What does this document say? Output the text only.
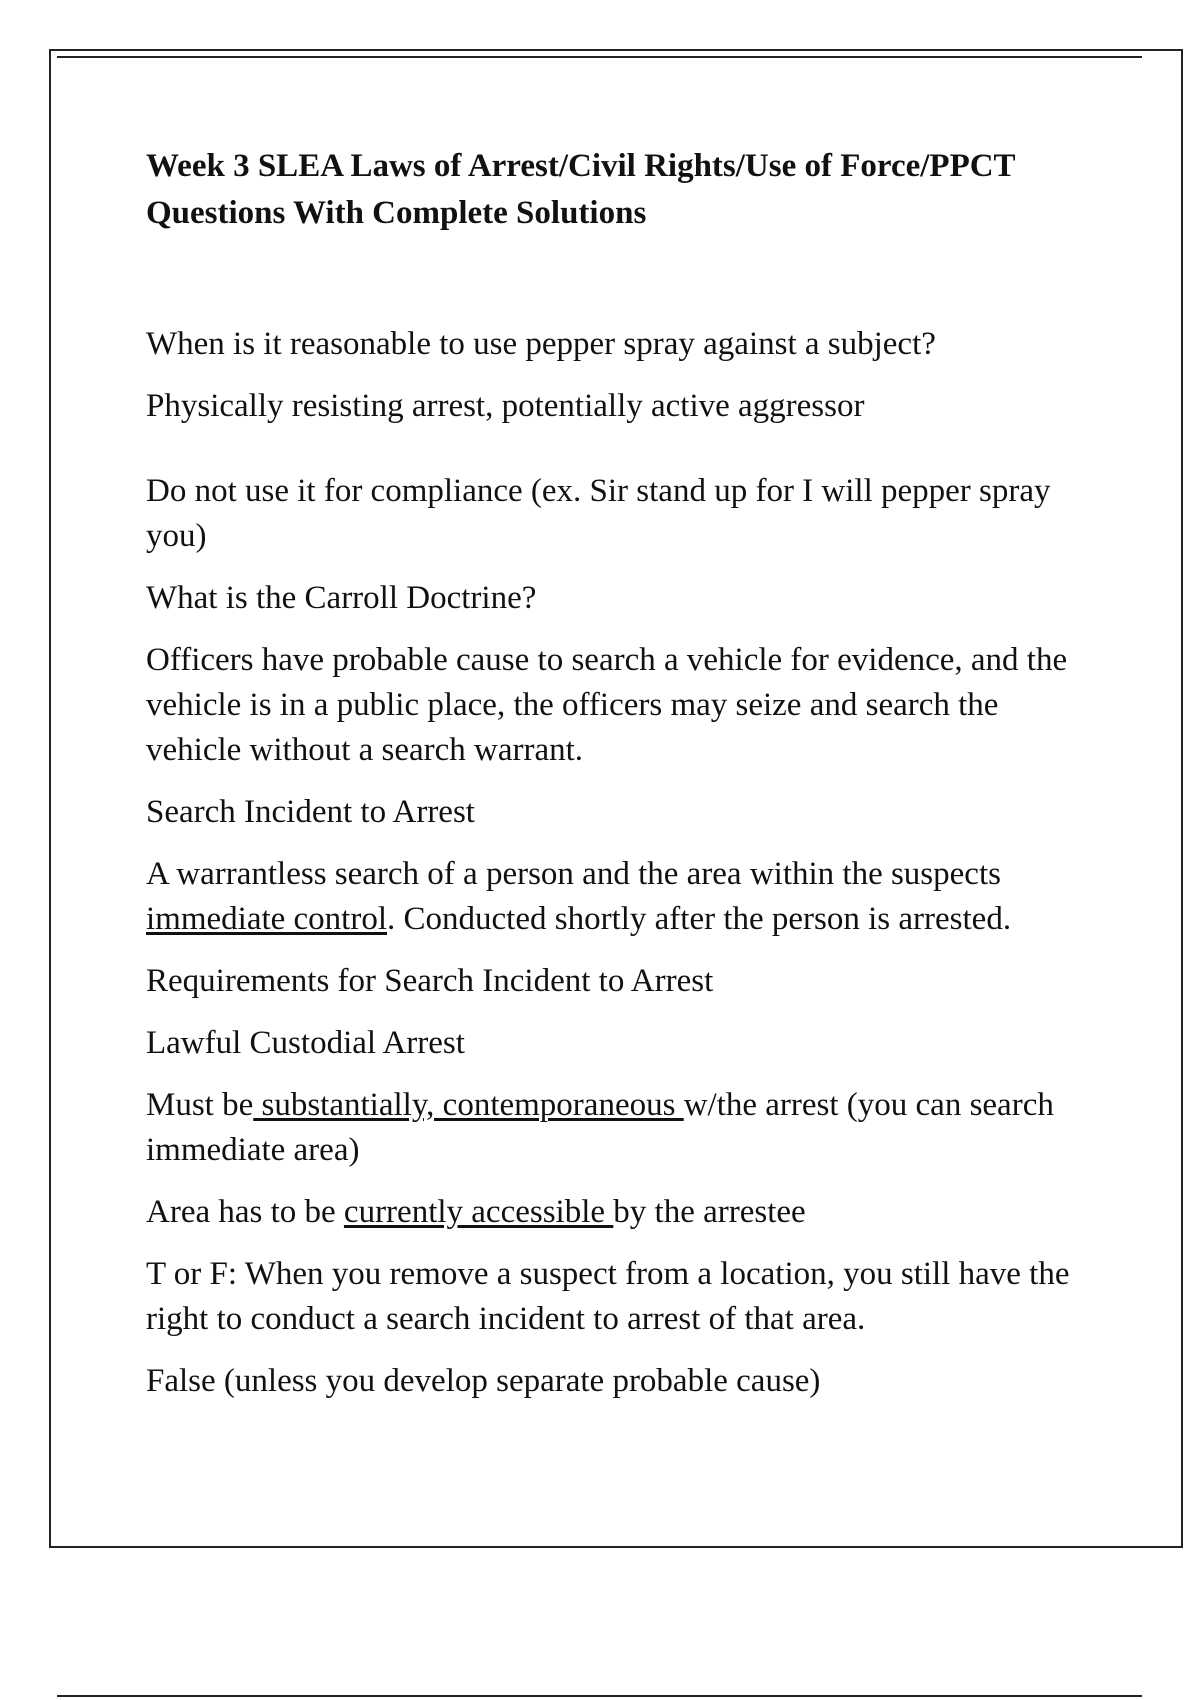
Week 3 SLEA Laws of Arrest/Civil Rights/Use of Force/PPCT Questions With Complete Solutions
When is it reasonable to use pepper spray against a subject?
Physically resisting arrest, potentially active aggressor
Do not use it for compliance (ex. Sir stand up for I will pepper spray you)
What is the Carroll Doctrine?
Officers have probable cause to search a vehicle for evidence, and the vehicle is in a public place, the officers may seize and search the vehicle without a search warrant.
Search Incident to Arrest
A warrantless search of a person and the area within the suspects immediate control. Conducted shortly after the person is arrested.
Requirements for Search Incident to Arrest
Lawful Custodial Arrest
Must be substantially, contemporaneous w/the arrest (you can search immediate area)
Area has to be currently accessible by the arrestee
T or F: When you remove a suspect from a location, you still have the right to conduct a search incident to arrest of that area.
False (unless you develop separate probable cause)
